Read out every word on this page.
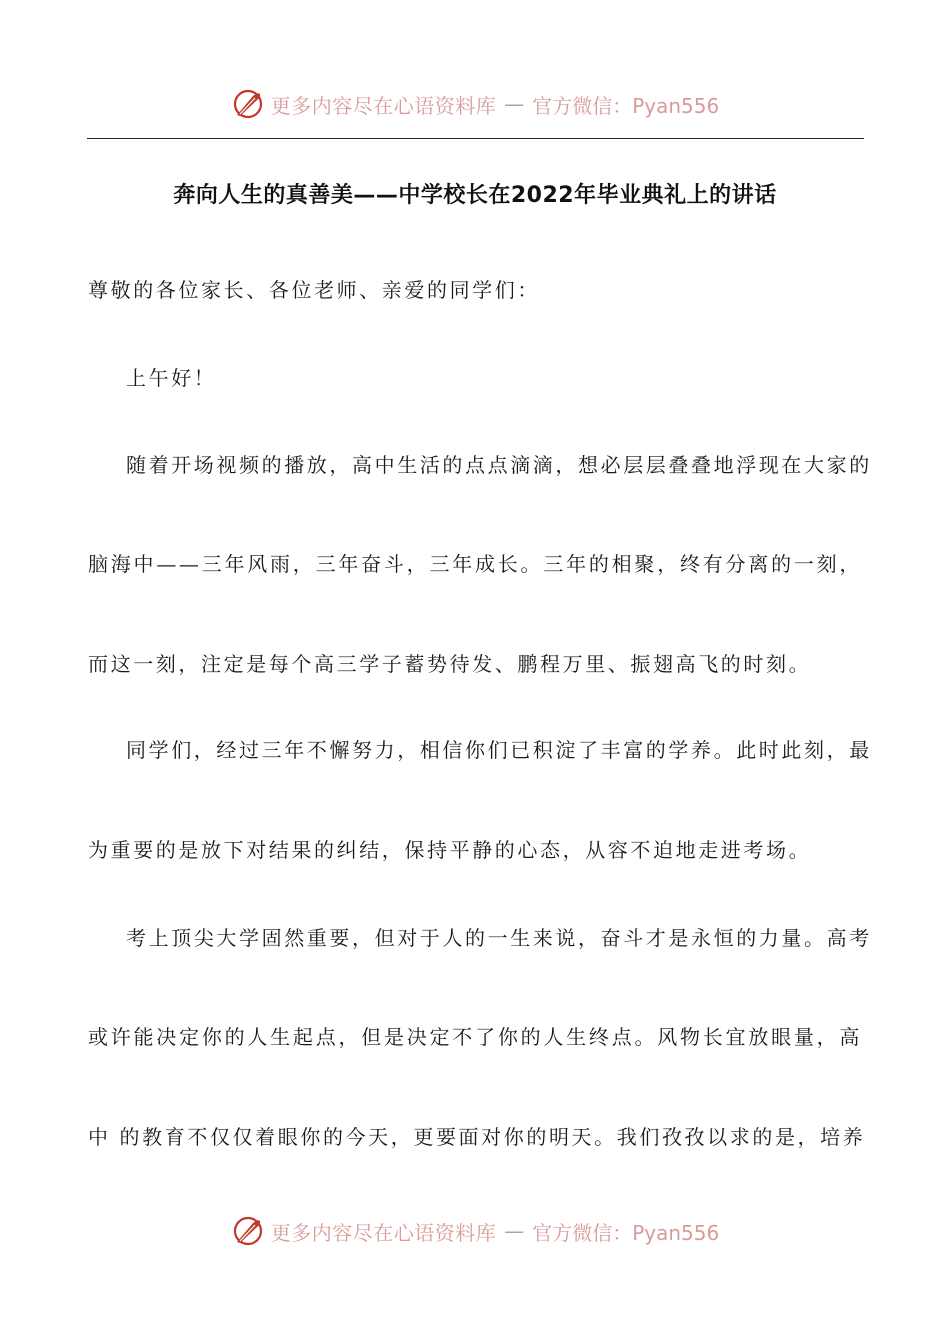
更多内容尽在心语资料库 — 官方微信：Pyan556
奔向人生的真善美——中学校长在2022年毕业典礼上的讲话
尊敬的各位家长、各位老师、亲爱的同学们：
上午好！
随着开场视频的播放，高中生活的点点滴滴，想必层层叠叠地浮现在大家的
脑海中——三年风雨，三年奋斗，三年成长。三年的相聚，终有分离的一刻，
而这一刻，注定是每个高三学子蓄势待发、鹏程万里、振翅高飞的时刻。
同学们，经过三年不懈努力，相信你们已积淀了丰富的学养。此时此刻，最
为重要的是放下对结果的纠结，保持平静的心态，从容不迫地走进考场。
考上顶尖大学固然重要，但对于人的一生来说，奋斗才是永恒的力量。高考
或许能决定你的人生起点，但是决定不了你的人生终点。风物长宜放眼量，高
中 的教育不仅仅着眼你的今天，更要面对你的明天。我们孜孜以求的是，培养
更多内容尽在心语资料库 — 官方微信：Pyan556
